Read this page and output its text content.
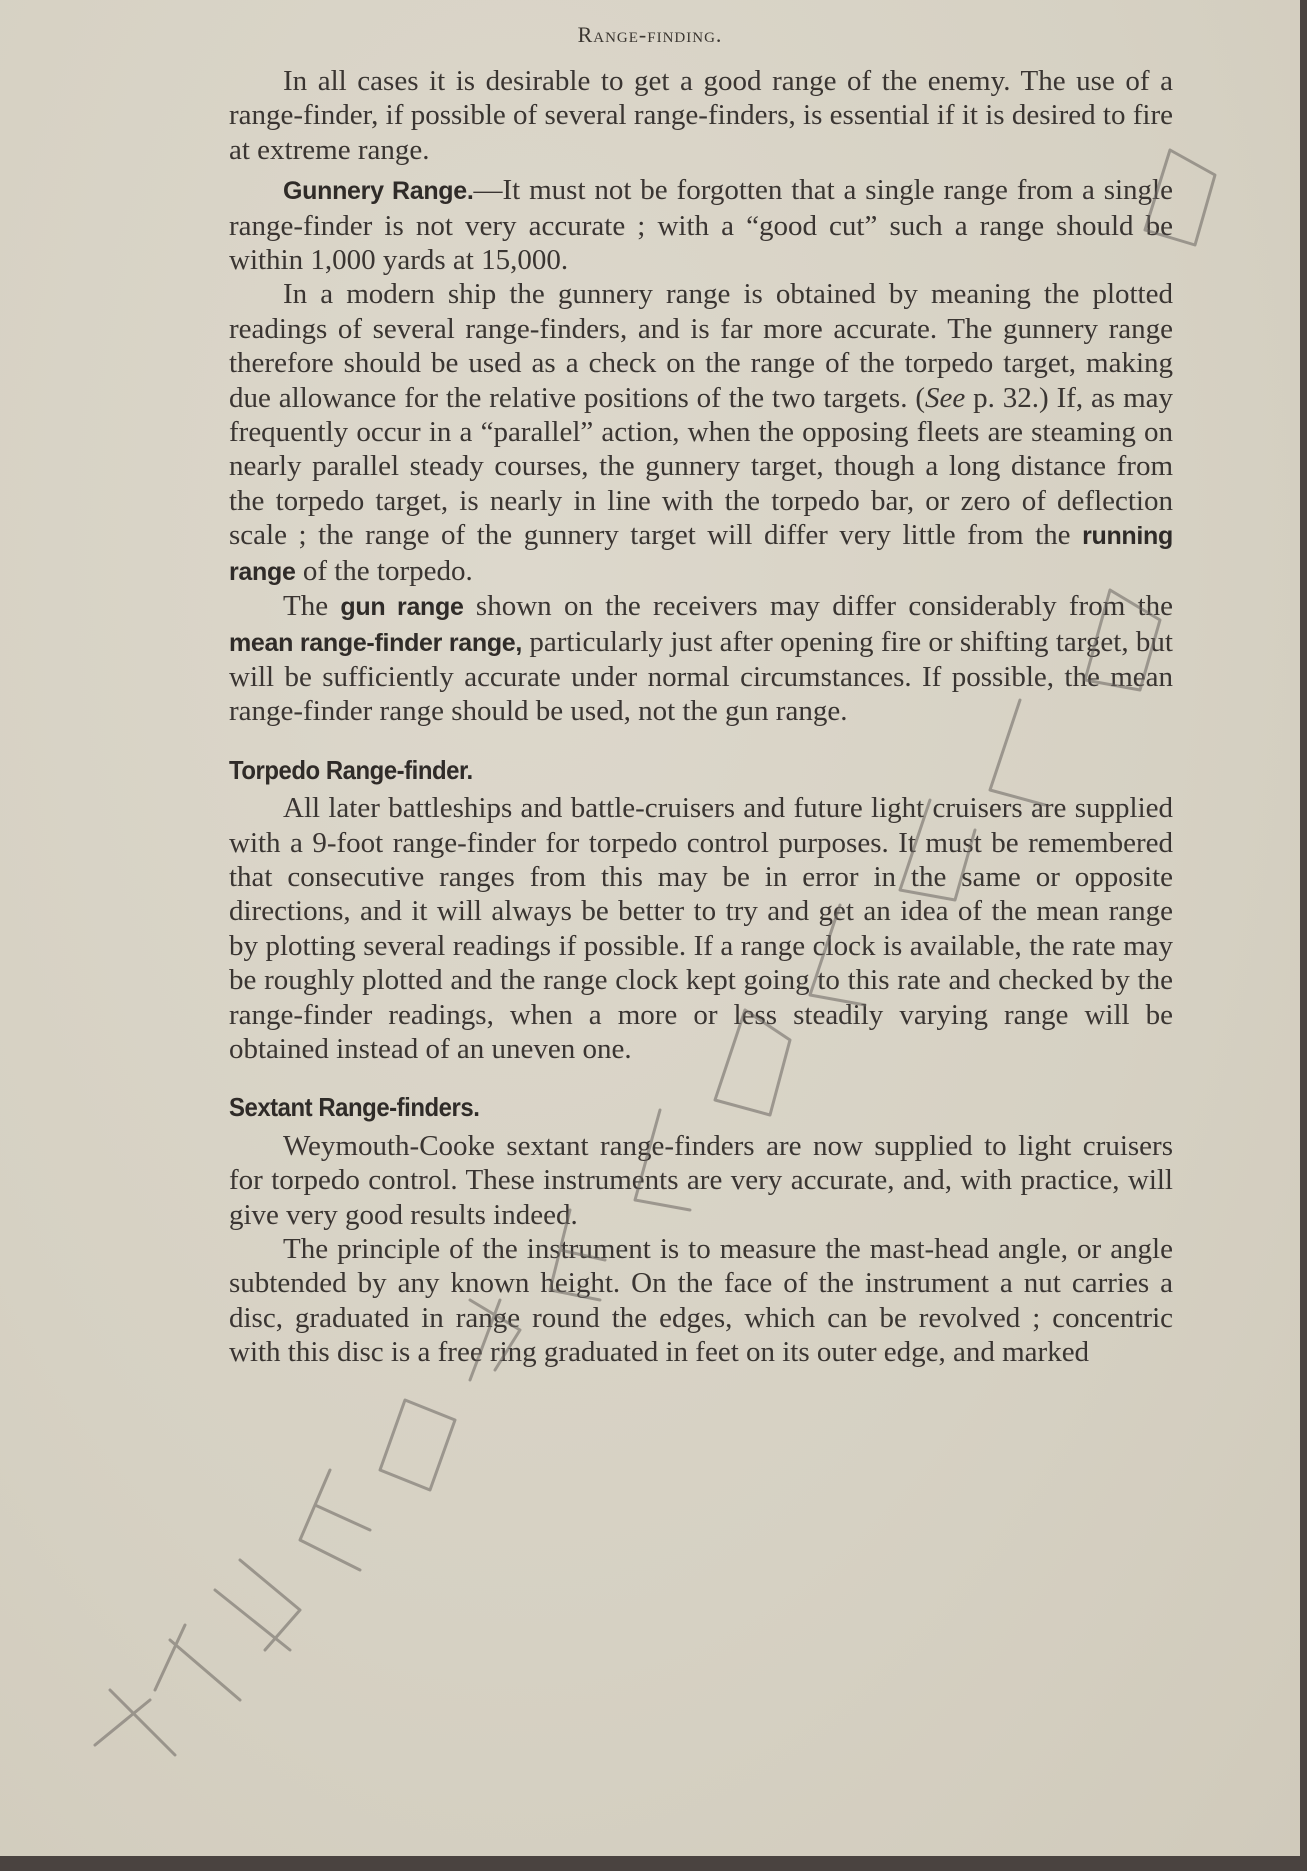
Range-finding.

In all cases it is desirable to get a good range of the enemy. The use of a range-finder, if possible of several range-finders, is essential if it is desired to fire at extreme range.

Gunnery Range.—It must not be forgotten that a single range from a single range-finder is not very accurate ; with a “good cut” such a range should be within 1,000 yards at 15,000.

In a modern ship the gunnery range is obtained by meaning the plotted readings of several range-finders, and is far more accurate. The gunnery range therefore should be used as a check on the range of the torpedo target, making due allowance for the relative positions of the two targets. (See p. 32.) If, as may frequently occur in a “parallel” action, when the opposing fleets are steaming on nearly parallel steady courses, the gunnery target, though a long distance from the torpedo target, is nearly in line with the torpedo bar, or zero of deflection scale ; the range of the gunnery target will differ very little from the running range of the torpedo.

The gun range shown on the receivers may differ considerably from the mean range-finder range, particularly just after opening fire or shifting target, but will be sufficiently accurate under normal circumstances. If possible, the mean range-finder range should be used, not the gun range.

Torpedo Range-finder.

All later battleships and battle-cruisers and future light cruisers are supplied with a 9-foot range-finder for torpedo control purposes. It must be remembered that consecutive ranges from this may be in error in the same or opposite directions, and it will always be better to try and get an idea of the mean range by plotting several readings if possible. If a range clock is available, the rate may be roughly plotted and the range clock kept going to this rate and checked by the range-finder readings, when a more or less steadily varying range will be obtained instead of an uneven one.

Sextant Range-finders.

Weymouth-Cooke sextant range-finders are now supplied to light cruisers for torpedo control. These instruments are very accurate, and, with practice, will give very good results indeed.

The principle of the instrument is to measure the mast-head angle, or angle subtended by any known height. On the face of the instrument a nut carries a disc, graduated in range round the edges, which can be revolved ; concentric with this disc is a free ring graduated in feet on its outer edge, and marked
